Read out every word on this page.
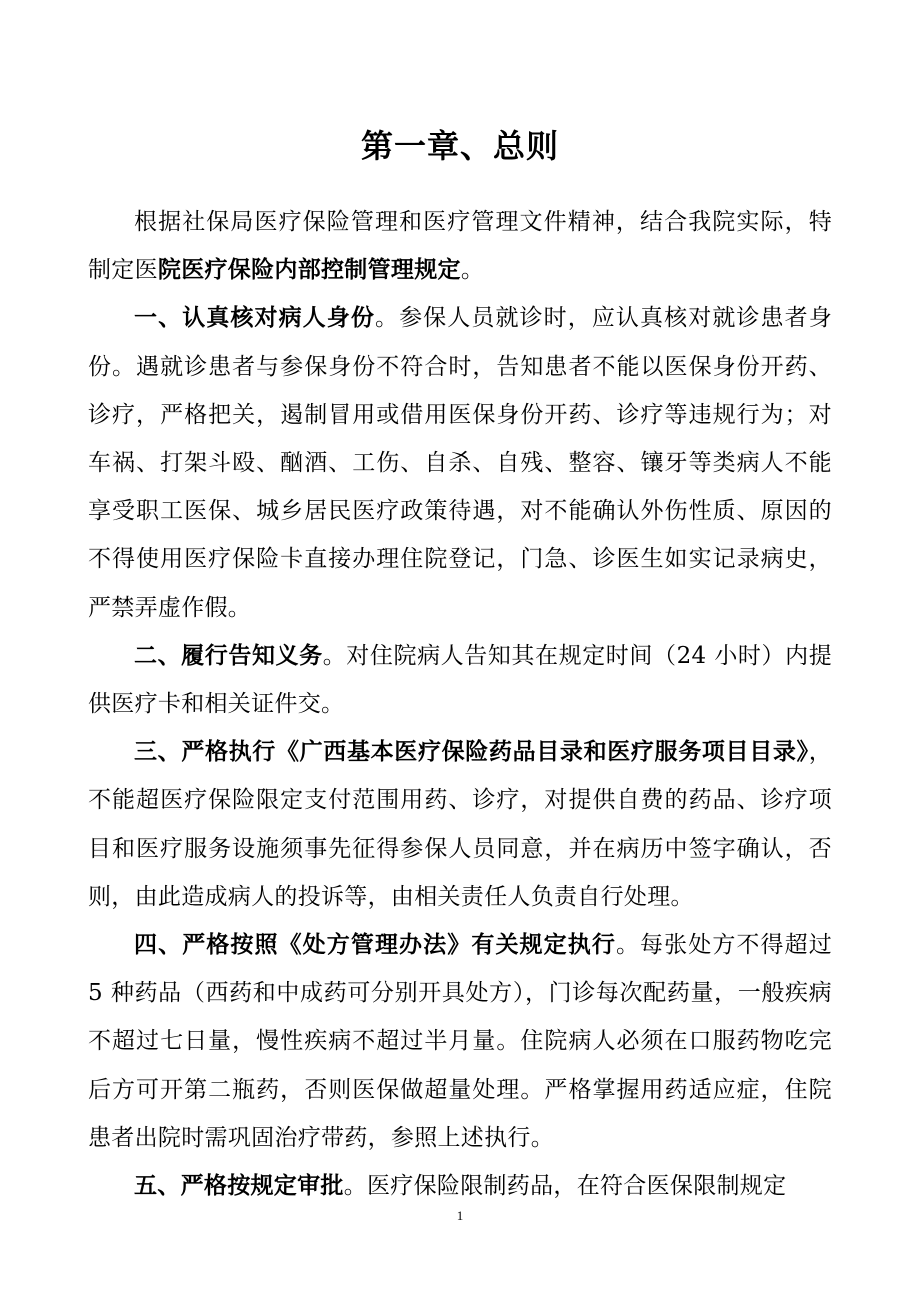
第一章、总则

根据社保局医疗保险管理和医疗管理文件精神，结合我院实际，特制定医院医疗保险内部控制管理规定。

一、认真核对病人身份。参保人员就诊时，应认真核对就诊患者身份。遇就诊患者与参保身份不符合时，告知患者不能以医保身份开药、诊疗，严格把关，遏制冒用或借用医保身份开药、诊疗等违规行为；对车祸、打架斗殴、酗酒、工伤、自杀、自残、整容、镶牙等类病人不能享受职工医保、城乡居民医疗政策待遇，对不能确认外伤性质、原因的不得使用医疗保险卡直接办理住院登记，门急、诊医生如实记录病史，严禁弄虚作假。

二、履行告知义务。对住院病人告知其在规定时间（24 小时）内提供医疗卡和相关证件交。

三、严格执行《广西基本医疗保险药品目录和医疗服务项目目录》，不能超医疗保险限定支付范围用药、诊疗，对提供自费的药品、诊疗项目和医疗服务设施须事先征得参保人员同意，并在病历中签字确认，否则，由此造成病人的投诉等，由相关责任人负责自行处理。

四、严格按照《处方管理办法》有关规定执行。每张处方不得超过 5 种药品（西药和中成药可分别开具处方），门诊每次配药量，一般疾病不超过七日量，慢性疾病不超过半月量。住院病人必须在口服药物吃完后方可开第二瓶药，否则医保做超量处理。严格掌握用药适应症，住院患者出院时需巩固治疗带药，参照上述执行。

五、严格按规定审批。医疗保险限制药品，在符合医保限制规定

1
